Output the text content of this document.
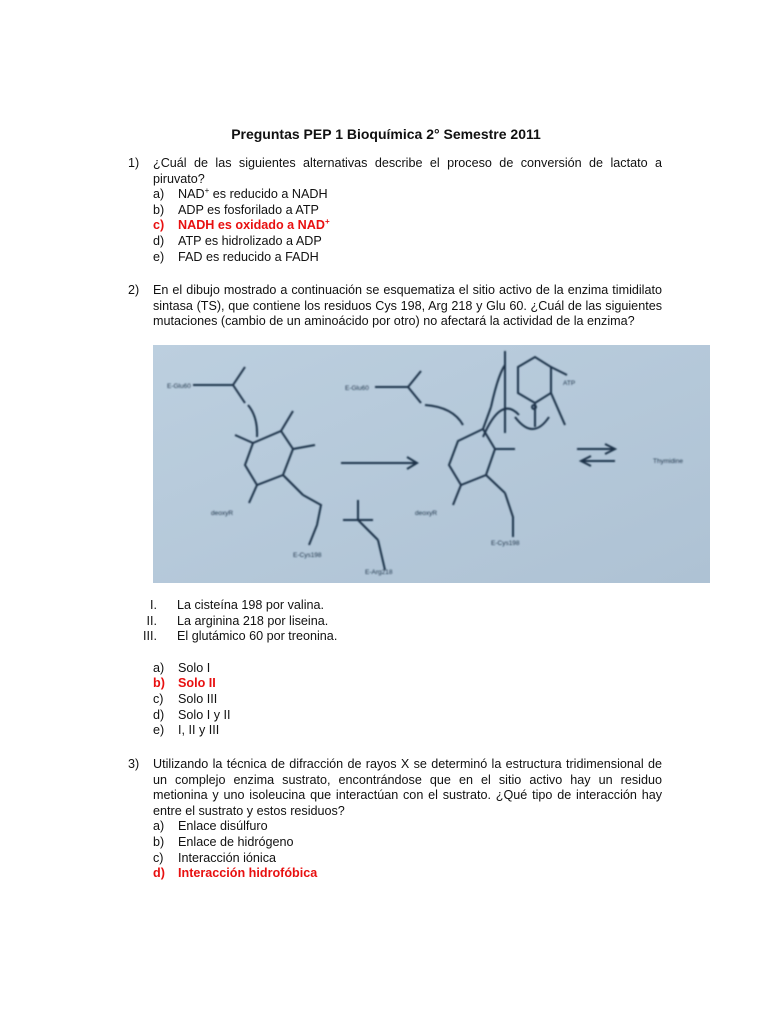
Preguntas PEP 1 Bioquímica 2° Semestre 2011
1) ¿Cuál de las siguientes alternativas describe el proceso de conversión de lactato a piruvato?
a)	NAD+ es reducido a NADH
b)	ADP es fosforilado a ATP
c)	NADH es oxidado a NAD+
d)	ATP es hidrolizado a ADP
e)	FAD es reducido a FADH
2) En el dibujo mostrado a continuación se esquematiza el sitio activo de la enzima timidilato sintasa (TS), que contiene los residuos Cys 198, Arg 218 y Glu 60. ¿Cuál de las siguientes mutaciones (cambio de un aminoácido por otro) no afectará la actividad de la enzima?
E-Glu60
deoxyR
E-Cys198
E-Arg218
E-Glu60
deoxyR
E-Cys198
ATP
Thymidine
I.	La cisteína 198 por valina.
II.	La arginina 218 por liseina.
III.	El glutámico 60 por treonina.
a)	Solo I
b)	Solo II
c)	Solo III
d)	Solo I y II
e)	I, II y III
3) Utilizando la técnica de difracción de rayos X se determinó la estructura tridimensional de un complejo enzima sustrato, encontrándose que en el sitio activo hay un residuo metionina y uno isoleucina que interactúan con el sustrato. ¿Qué tipo de interacción hay entre el sustrato y estos residuos?
a)	Enlace disúlfuro
b)	Enlace de hidrógeno
c)	Interacción iónica
d)	Interacción hidrofóbica
